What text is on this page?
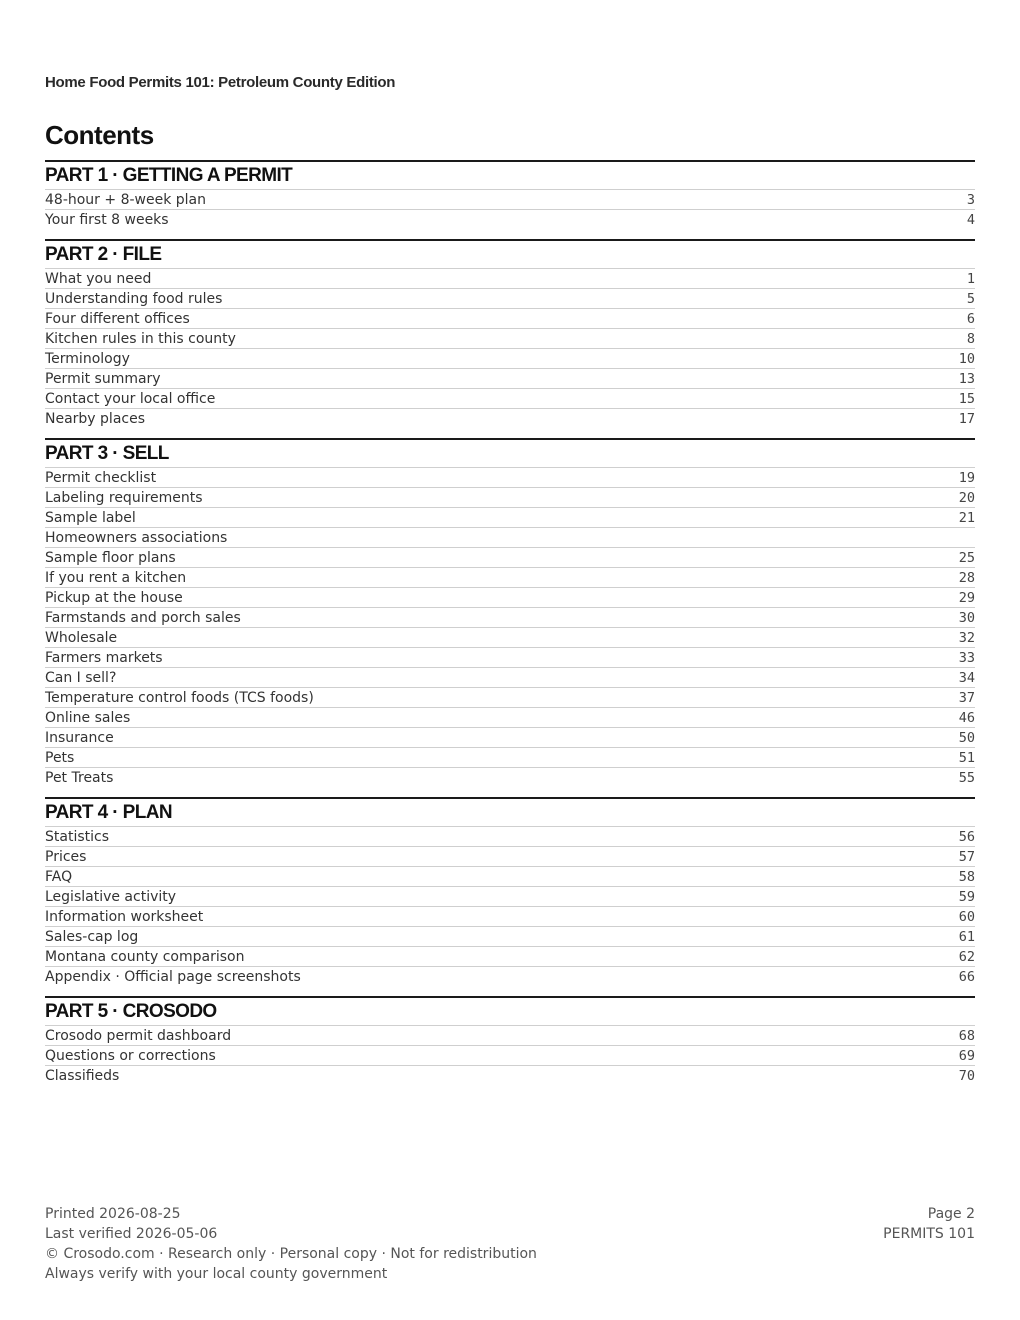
Home Food Permits 101: Petroleum County Edition
Contents
PART 1 · GETTING A PERMIT
48-hour + 8-week plan	3
Your first 8 weeks	4
PART 2 · FILE
What you need	1
Understanding food rules	5
Four different offices	6
Kitchen rules in this county	8
Terminology	10
Permit summary	13
Contact your local office	15
Nearby places	17
PART 3 · SELL
Permit checklist	19
Labeling requirements	20
Sample label	21
Homeowners associations
Sample floor plans	25
If you rent a kitchen	28
Pickup at the house	29
Farmstands and porch sales	30
Wholesale	32
Farmers markets	33
Can I sell?	34
Temperature control foods (TCS foods)	37
Online sales	46
Insurance	50
Pets	51
Pet Treats	55
PART 4 · PLAN
Statistics	56
Prices	57
FAQ	58
Legislative activity	59
Information worksheet	60
Sales-cap log	61
Montana county comparison	62
Appendix · Official page screenshots	66
PART 5 · CROSODO
Crosodo permit dashboard	68
Questions or corrections	69
Classifieds	70
Printed 2026-08-25
Last verified 2026-05-06
© Crosodo.com · Research only · Personal copy · Not for redistribution
Always verify with your local county government
Page 2
PERMITS 101
